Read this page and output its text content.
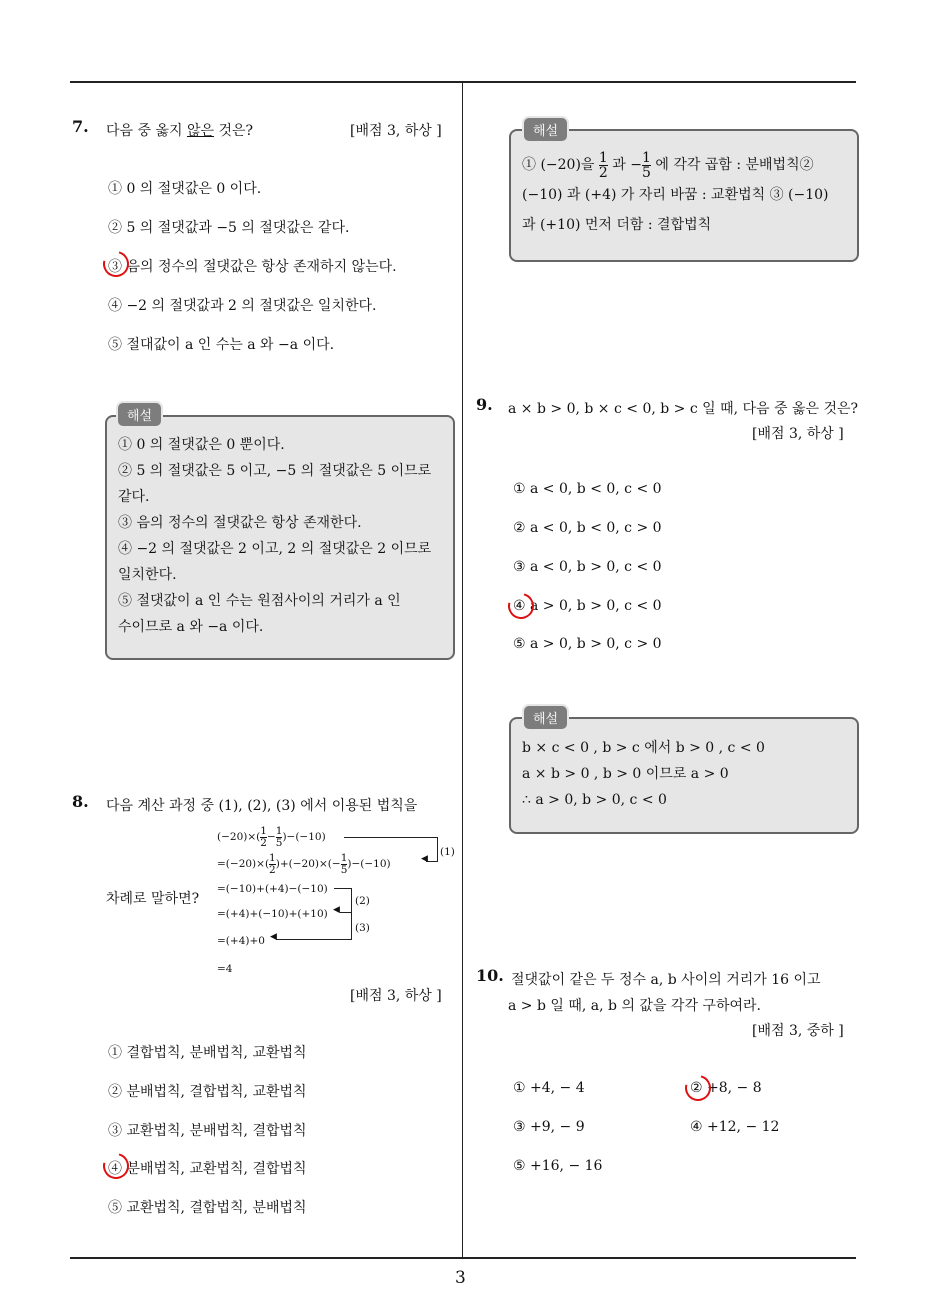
3
7. 다음 중 옳지 않은 것은?	[배점 3, 하상 ]
① 0 의 절댓값은 0 이다.
② 5 의 절댓값과 −5 의 절댓값은 같다.
③ 음의 정수의 절댓값은 항상 존재하지 않는다.
④ −2 의 절댓값과 2 의 절댓값은 일치한다.
⑤ 절대값이 a 인 수는 a 와 −a 이다.
해설
① 0 의 절댓값은 0 뿐이다.
② 5 의 절댓값은 5 이고, −5 의 절댓값은 5 이므로
같다.
③ 음의 정수의 절댓값은 항상 존재한다.
④ −2 의 절댓값은 2 이고, 2 의 절댓값은 2 이므로
일치한다.
⑤ 절댓값이 a 인 수는 원점사이의 거리가 a 인
수이므로 a 와 −a 이다.
8. 다음 계산 과정 중 (1), (2), (3) 에서 이용된 법칙을
차례로 말하면?
$(-20)\times( \frac{1}{2} - \frac{1}{5} )-(-10)$
$=(-20)\times( \frac{1}{2} )+(-20)\times(- \frac{1}{5} )-(-10)$
=(−10)+(+4)−(−10)
=(+4)+(−10)+(+10)
=(+4)+0
=4
◀
(1)
◀
(2)
◀
(3)
[배점 3, 하상 ]
① 결합법칙, 분배법칙, 교환법칙
② 분배법칙, 결합법칙, 교환법칙
③ 교환법칙, 분배법칙, 결합법칙
④ 분배법칙, 교환법칙, 결합법칙
⑤ 교환법칙, 결합법칙, 분배법칙
해설
① (−20)을 $\frac{1}{2}$ 과 − $\frac{1}{5}$ 에 각각 곱함 : 분배법칙②
(−10) 과 (+4) 가 자리 바꿈 : 교환법칙 ③ (−10)
과 (+10) 먼저 더함 : 결합법칙
9. a × b > 0, b × c < 0, b > c 일 때, 다음 중 옳은 것은?
[배점 3, 하상 ]
① a < 0, b < 0, c < 0
② a < 0, b < 0, c > 0
③ a < 0, b > 0, c < 0
④ a > 0, b > 0, c < 0
⑤ a > 0, b > 0, c > 0
해설
b × c < 0 , b > c 에서 b > 0 , c < 0
a × b > 0 , b > 0 이므로 a > 0
∴ a > 0, b > 0, c < 0
10. 절댓값이 같은 두 정수 a, b 사이의 거리가 16 이고
a > b 일 때, a, b 의 값을 각각 구하여라.
[배점 3, 중하 ]
① +4, − 4	② +8, − 8
③ +9, − 9	④ +12, − 12
⑤ +16, − 16
